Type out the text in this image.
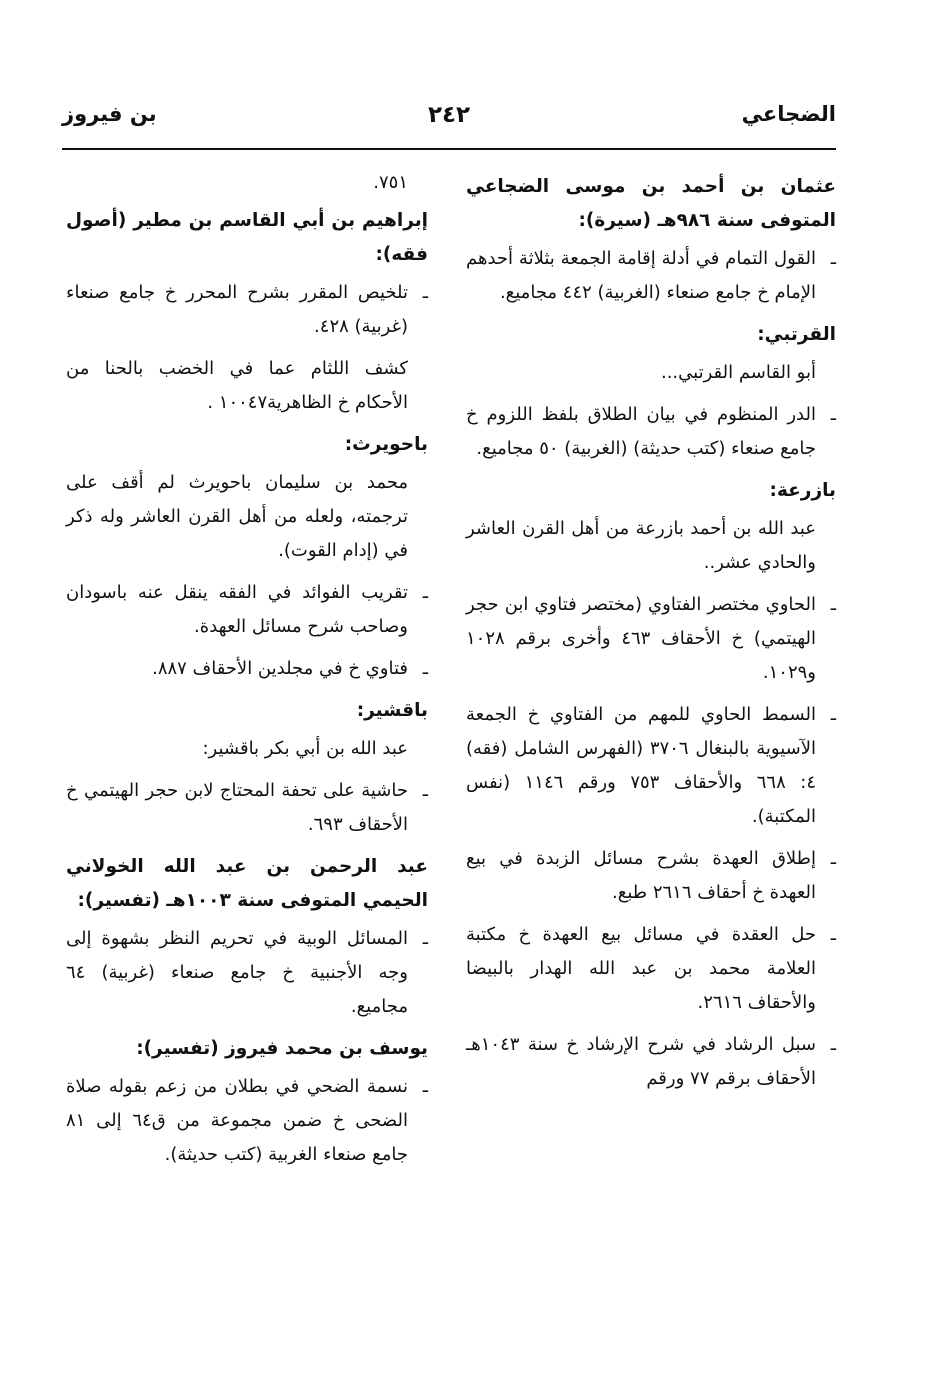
الضجاعي
٢٤٢
بن فيروز
عثمان بن أحمد بن موسى الضجاعي المتوفى سنة ٩٨٦هـ (سيرة):
ـ القول التمام في أدلة إقامة الجمعة بثلاثة أحدهم الإمام خ جامع صنعاء (الغربية) ٤٤٢ مجاميع.
القرتبي:
أبو القاسم القرتبي...
ـ الدر المنظوم في بيان الطلاق بلفظ اللزوم خ جامع صنعاء (كتب حديثة) (الغربية) ٥٠ مجاميع.
بازرعة:
عبد الله بن أحمد بازرعة من أهل القرن العاشر والحادي عشر..
ـ الحاوي مختصر الفتاوي (مختصر فتاوي ابن حجر الهيتمي) خ الأحقاف ٤٦٣ وأخرى برقم ١٠٢٨ و١٠٢٩.
ـ السمط الحاوي للمهم من الفتاوي خ الجمعة الآسيوية بالبنغال ٣٧٠٦ (الفهرس الشامل (فقه) ٤: ٦٦٨ والأحقاف ٧٥٣ ورقم ١١٤٦ (نفس المكتبة).
ـ إطلاق العهدة بشرح مسائل الزبدة في بيع العهدة خ أحقاف ٢٦١٦ طبع.
ـ حل العقدة في مسائل بيع العهدة خ مكتبة العلامة محمد بن عبد الله الهدار بالبيضا والأحقاف ٢٦١٦.
ـ سبل الرشاد في شرح الإرشاد خ سنة ١٠٤٣هـ الأحقاف برقم ٧٧ ورقم
٧٥١.
إبراهيم بن أبي القاسم بن مطير (أصول فقه):
ـ تلخيص المقرر بشرح المحرر خ جامع صنعاء (غربية) ٤٢٨.
كشف اللثام عما في الخضب بالحنا من الأحكام خ الظاهرية١٠٠٤٧ .
باحويرث:
محمد بن سليمان باحويرث لم أقف على ترجمته، ولعله من أهل القرن العاشر وله ذكر في (إدام القوت).
ـ تقريب الفوائد في الفقه ينقل عنه باسودان وصاحب شرح مسائل العهدة.
ـ فتاوي خ في مجلدين الأحقاف ٨٨٧.
باقشير:
عبد الله بن أبي بكر باقشير:
ـ حاشية على تحفة المحتاج لابن حجر الهيتمي خ الأحقاف ٦٩٣.
عبد الرحمن بن عبد الله الخولاني الحيمي المتوفى سنة ١٠٠٣هـ (تفسير):
ـ المسائل الوبية في تحريم النظر بشهوة إلى وجه الأجنبية خ جامع صنعاء (غربية) ٦٤ مجاميع.
يوسف بن محمد فيروز (تفسير):
ـ نسمة الضحي في بطلان من زعم بقوله صلاة الضحى خ ضمن مجموعة من ق٦٤ إلى ٨١ جامع صنعاء الغربية (كتب حديثة).
